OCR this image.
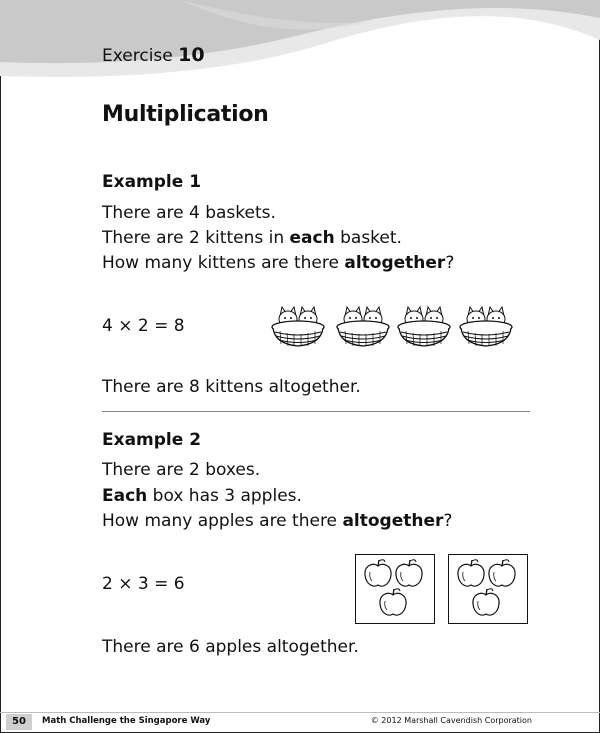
Exercise 10
Multiplication
Example 1
There are 4 baskets.
There are 2 kittens in each basket.
How many kittens are there altogether?
4 × 2 = 8
There are 8 kittens altogether.
Example 2
There are 2 boxes.
Each box has 3 apples.
How many apples are there altogether?
2 × 3 = 6
There are 6 apples altogether.
50	Math Challenge the Singapore Way	© 2012 Marshall Cavendish Corporation
